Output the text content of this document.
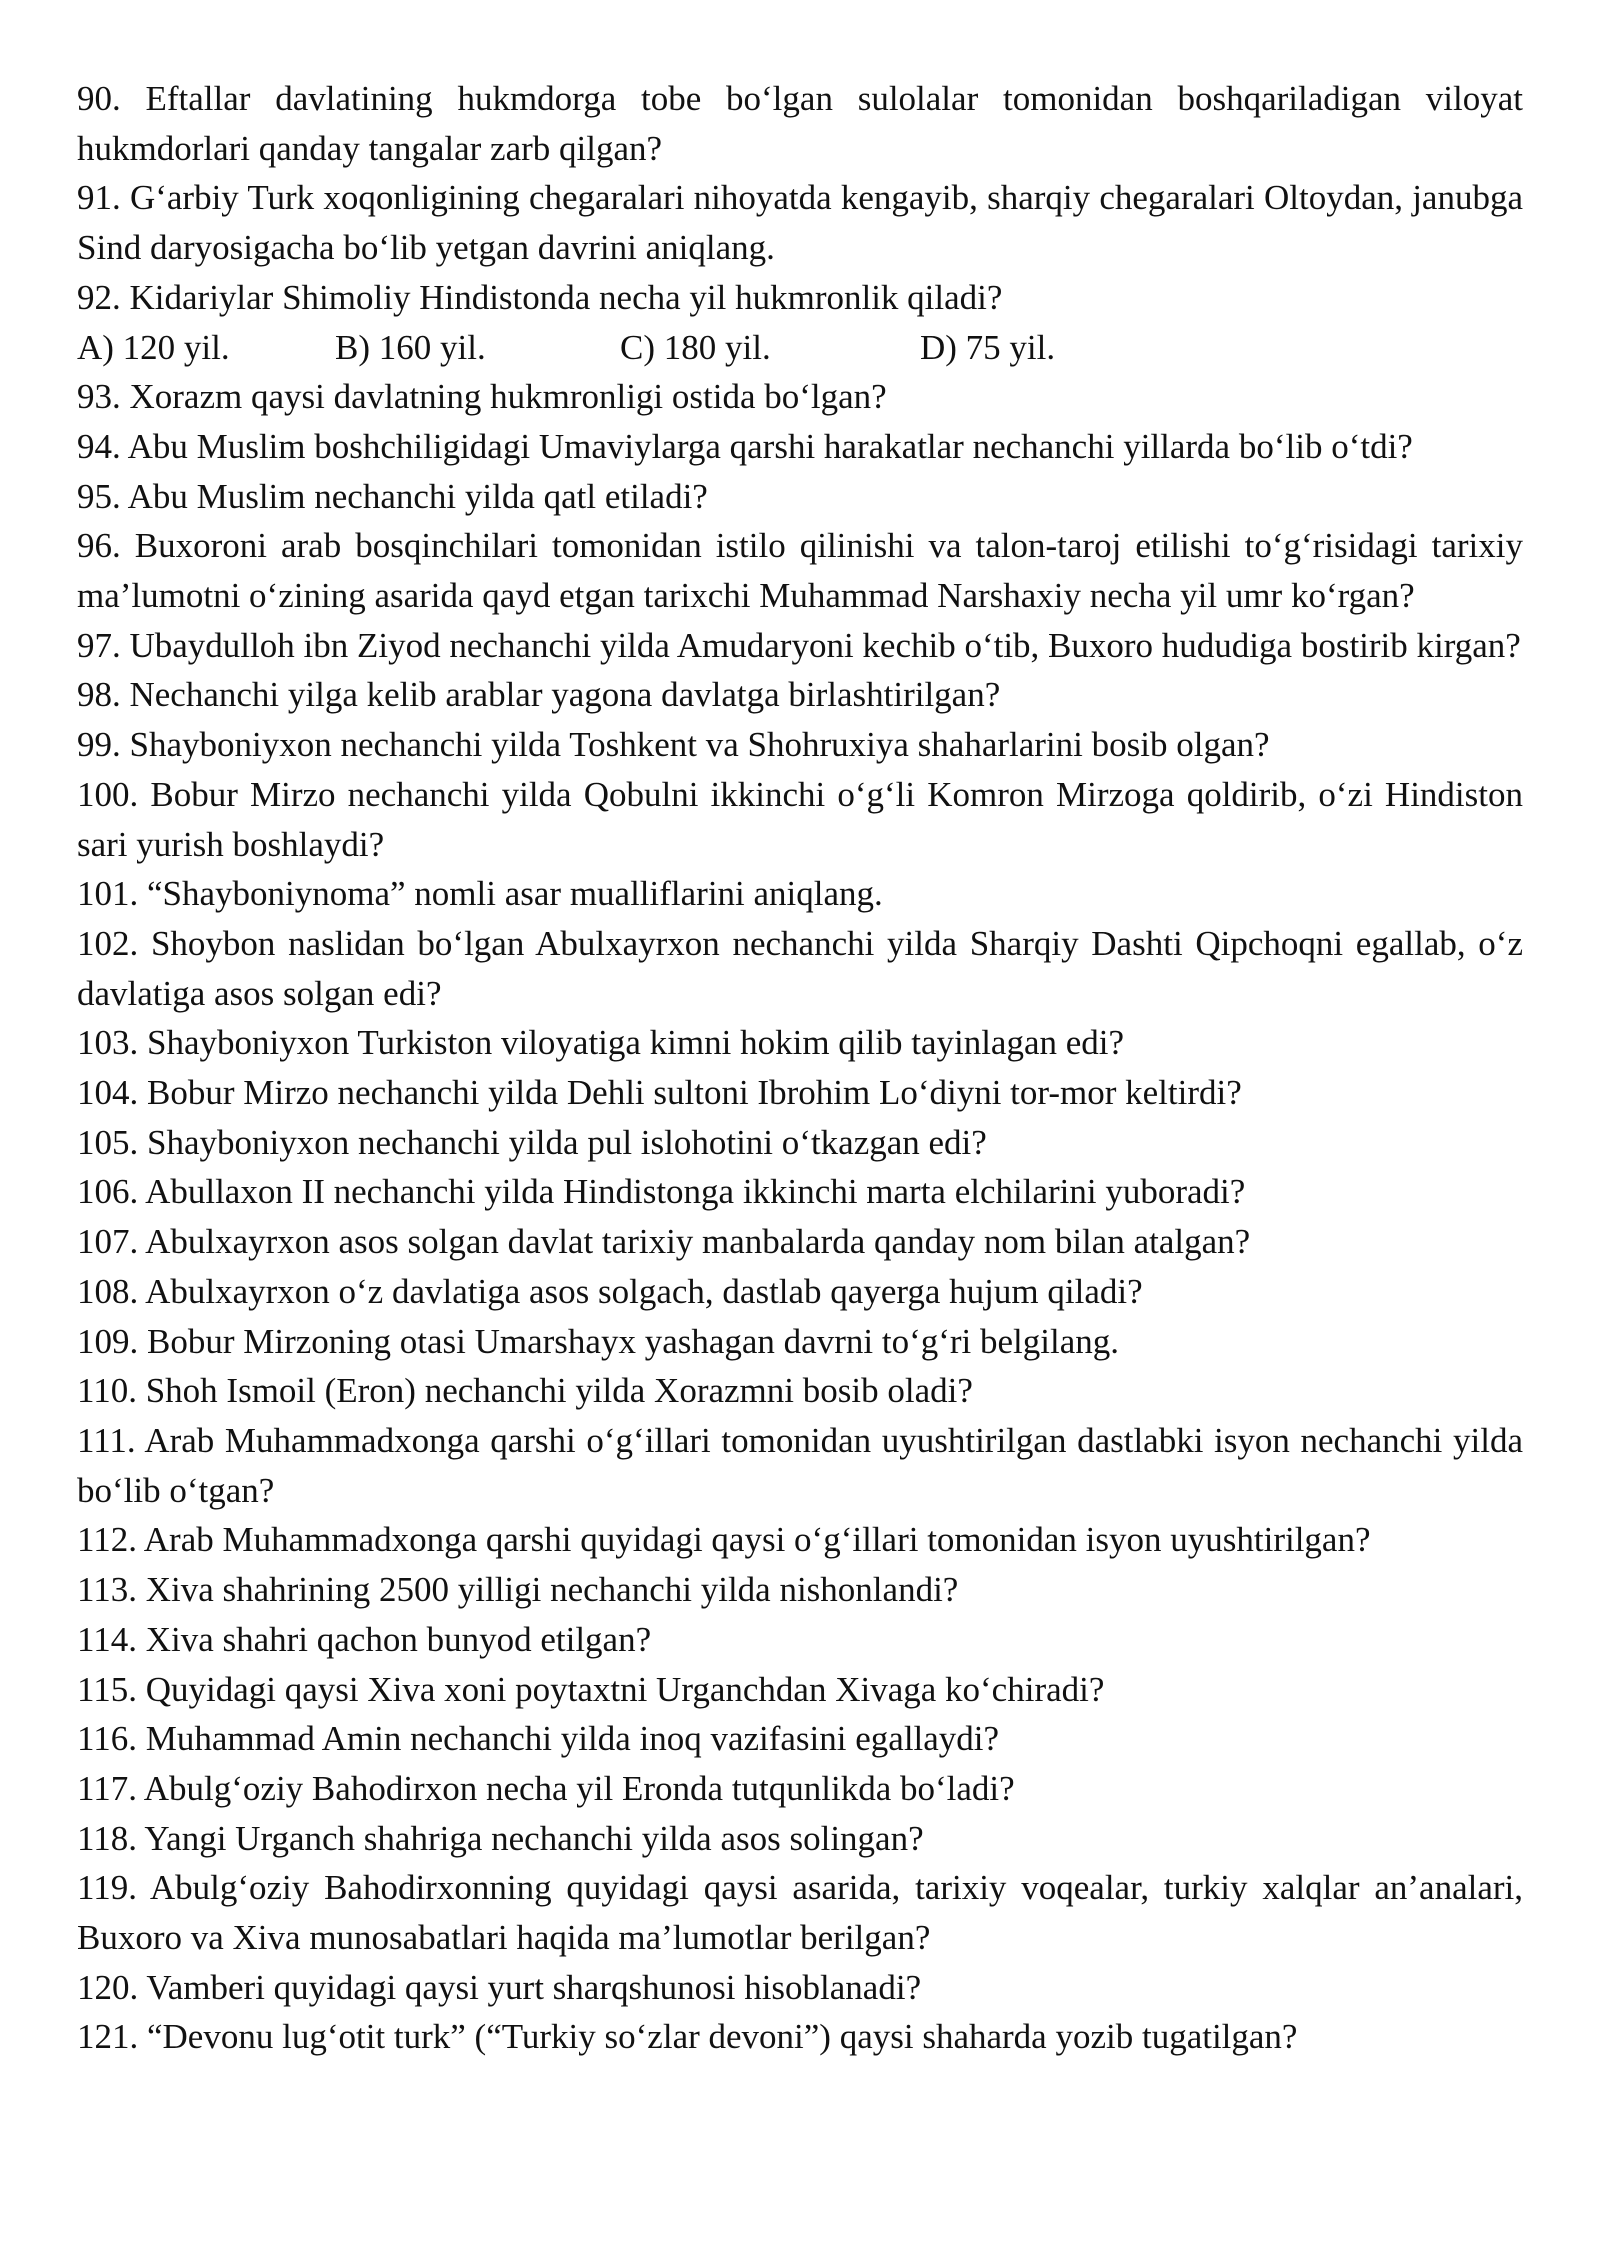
90. Eftallar davlatining hukmdorga tobe bo‘lgan sulolalar tomonidan boshqariladigan viloyat hukmdorlari qanday tangalar zarb qilgan?

91. G‘arbiy Turk xoqonligining chegaralari nihoyatda kengayib, sharqiy chegaralari Oltoydan, janubga Sind daryosigacha bo‘lib yetgan davrini aniqlang.

92. Kidariylar Shimoliy Hindistonda necha yil hukmronlik qiladi?

A) 120 yil.	B) 160 yil.	C) 180 yil.	D) 75 yil.

93. Xorazm qaysi davlatning hukmronligi ostida bo‘lgan?

94. Abu Muslim boshchiligidagi Umaviylarga qarshi harakatlar nechanchi yillarda bo‘lib o‘tdi?

95. Abu Muslim nechanchi yilda qatl etiladi?

96. Buxoroni arab bosqinchilari tomonidan istilo qilinishi va talon-taroj etilishi to‘g‘risidagi tarixiy ma’lumotni o‘zining asarida qayd etgan tarixchi Muhammad Narshaxiy necha yil umr ko‘rgan?

97. Ubaydulloh ibn Ziyod nechanchi yilda Amudaryoni kechib o‘tib, Buxoro hududiga bostirib kirgan?

98. Nechanchi yilga kelib arablar yagona davlatga birlashtirilgan?

99. Shayboniyxon nechanchi yilda Toshkent va Shohruxiya shaharlarini bosib olgan?

100. Bobur Mirzo nechanchi yilda Qobulni ikkinchi o‘g‘li Komron Mirzoga qoldirib, o‘zi Hindiston sari yurish boshlaydi?

101. “Shayboniynoma” nomli asar mualliflarini aniqlang.

102. Shoybon naslidan bo‘lgan Abulxayrxon nechanchi yilda Sharqiy Dashti Qipchoqni egallab, o‘z davlatiga asos solgan edi?

103. Shayboniyxon Turkiston viloyatiga kimni hokim qilib tayinlagan edi?

104. Bobur Mirzo nechanchi yilda Dehli sultoni Ibrohim Lo‘diyni tor-mor keltirdi?

105. Shayboniyxon nechanchi yilda pul islohotini o‘tkazgan edi?

106. Abullaxon II nechanchi yilda Hindistonga ikkinchi marta elchilarini yuboradi?

107. Abulxayrxon asos solgan davlat tarixiy manbalarda qanday nom bilan atalgan?

108. Abulxayrxon o‘z davlatiga asos solgach, dastlab qayerga hujum qiladi?

109. Bobur Mirzoning otasi Umarshayx yashagan davrni to‘g‘ri belgilang.

110. Shoh Ismoil (Eron) nechanchi yilda Xorazmni bosib oladi?

111. Arab Muhammadxonga qarshi o‘g‘illari tomonidan uyushtirilgan dastlabki isyon nechanchi yilda bo‘lib o‘tgan?

112. Arab Muhammadxonga qarshi quyidagi qaysi o‘g‘illari tomonidan isyon uyushtirilgan?

113. Xiva shahrining 2500 yilligi nechanchi yilda nishonlandi?

114. Xiva shahri qachon bunyod etilgan?

115. Quyidagi qaysi Xiva xoni poytaxtni Urganchdan Xivaga ko‘chiradi?

116. Muhammad Amin nechanchi yilda inoq vazifasini egallaydi?

117. Abulg‘oziy Bahodirxon necha yil Eronda tutqunlikda bo‘ladi?

118. Yangi Urganch shahriga nechanchi yilda asos solingan?

119. Abulg‘oziy Bahodirxonning quyidagi qaysi asarida, tarixiy voqealar, turkiy xalqlar an’analari, Buxoro va Xiva munosabatlari haqida ma’lumotlar berilgan?

120. Vamberi quyidagi qaysi yurt sharqshunosi hisoblanadi?

121. “Devonu lug‘otit turk” (“Turkiy so‘zlar devoni”) qaysi shaharda yozib tugatilgan?
